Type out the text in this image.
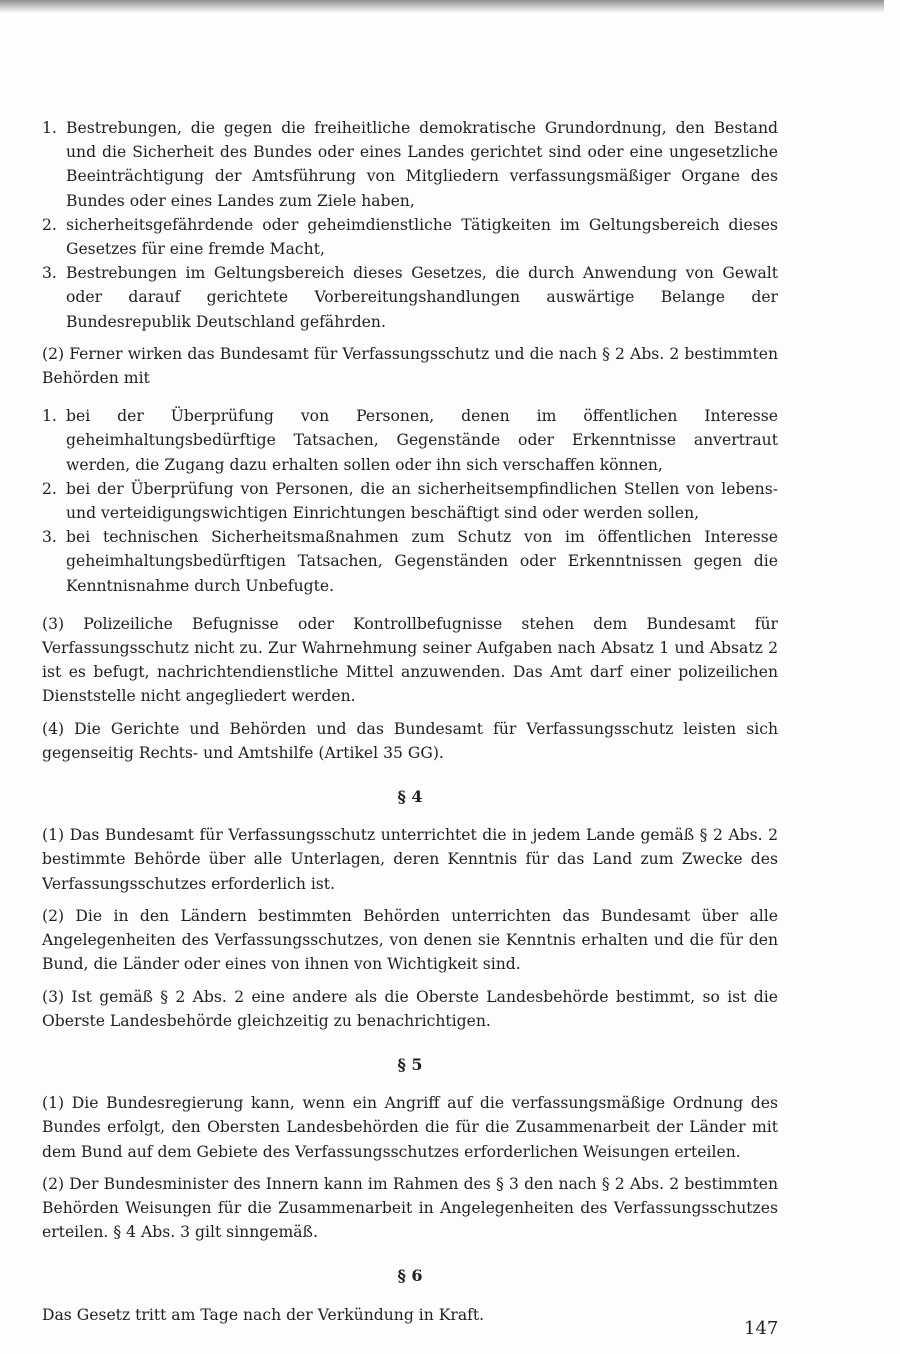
1. Bestrebungen, die gegen die freiheitliche demokratische Grundordnung, den Bestand und die Sicherheit des Bundes oder eines Landes gerichtet sind oder eine ungesetzliche Beeinträchtigung der Amtsführung von Mitgliedern verfassungsmäßiger Organe des Bundes oder eines Landes zum Ziele haben,
2. sicherheitsgefährdende oder geheimdienstliche Tätigkeiten im Geltungsbereich dieses Gesetzes für eine fremde Macht,
3. Bestrebungen im Geltungsbereich dieses Gesetzes, die durch Anwendung von Gewalt oder darauf gerichtete Vorbereitungshandlungen auswärtige Belange der Bundesrepublik Deutschland gefährden.

(2) Ferner wirken das Bundesamt für Verfassungsschutz und die nach § 2 Abs. 2 bestimmten Behörden mit

1. bei der Überprüfung von Personen, denen im öffentlichen Interesse geheimhaltungsbedürftige Tatsachen, Gegenstände oder Erkenntnisse anvertraut werden, die Zugang dazu erhalten sollen oder ihn sich verschaffen können,
2. bei der Überprüfung von Personen, die an sicherheitsempfindlichen Stellen von lebens- und verteidigungswichtigen Einrichtungen beschäftigt sind oder werden sollen,
3. bei technischen Sicherheitsmaßnahmen zum Schutz von im öffentlichen Interesse geheimhaltungsbedürftigen Tatsachen, Gegenständen oder Erkenntnissen gegen die Kenntnisnahme durch Unbefugte.

(3) Polizeiliche Befugnisse oder Kontrollbefugnisse stehen dem Bundesamt für Verfassungsschutz nicht zu. Zur Wahrnehmung seiner Aufgaben nach Absatz 1 und Absatz 2 ist es befugt, nachrichtendienstliche Mittel anzuwenden. Das Amt darf einer polizeilichen Dienststelle nicht angegliedert werden.

(4) Die Gerichte und Behörden und das Bundesamt für Verfassungsschutz leisten sich gegenseitig Rechts- und Amtshilfe (Artikel 35 GG).

§ 4

(1) Das Bundesamt für Verfassungsschutz unterrichtet die in jedem Lande gemäß § 2 Abs. 2 bestimmte Behörde über alle Unterlagen, deren Kenntnis für das Land zum Zwecke des Verfassungsschutzes erforderlich ist.

(2) Die in den Ländern bestimmten Behörden unterrichten das Bundesamt über alle Angelegenheiten des Verfassungsschutzes, von denen sie Kenntnis erhalten und die für den Bund, die Länder oder eines von ihnen von Wichtigkeit sind.

(3) Ist gemäß § 2 Abs. 2 eine andere als die Oberste Landesbehörde bestimmt, so ist die Oberste Landesbehörde gleichzeitig zu benachrichtigen.

§ 5

(1) Die Bundesregierung kann, wenn ein Angriff auf die verfassungsmäßige Ordnung des Bundes erfolgt, den Obersten Landesbehörden die für die Zusammenarbeit der Länder mit dem Bund auf dem Gebiete des Verfassungsschutzes erforderlichen Weisungen erteilen.

(2) Der Bundesminister des Innern kann im Rahmen des § 3 den nach § 2 Abs. 2 bestimmten Behörden Weisungen für die Zusammenarbeit in Angelegenheiten des Verfassungsschutzes erteilen. § 4 Abs. 3 gilt sinngemäß.

§ 6

Das Gesetz tritt am Tage nach der Verkündung in Kraft.

147
